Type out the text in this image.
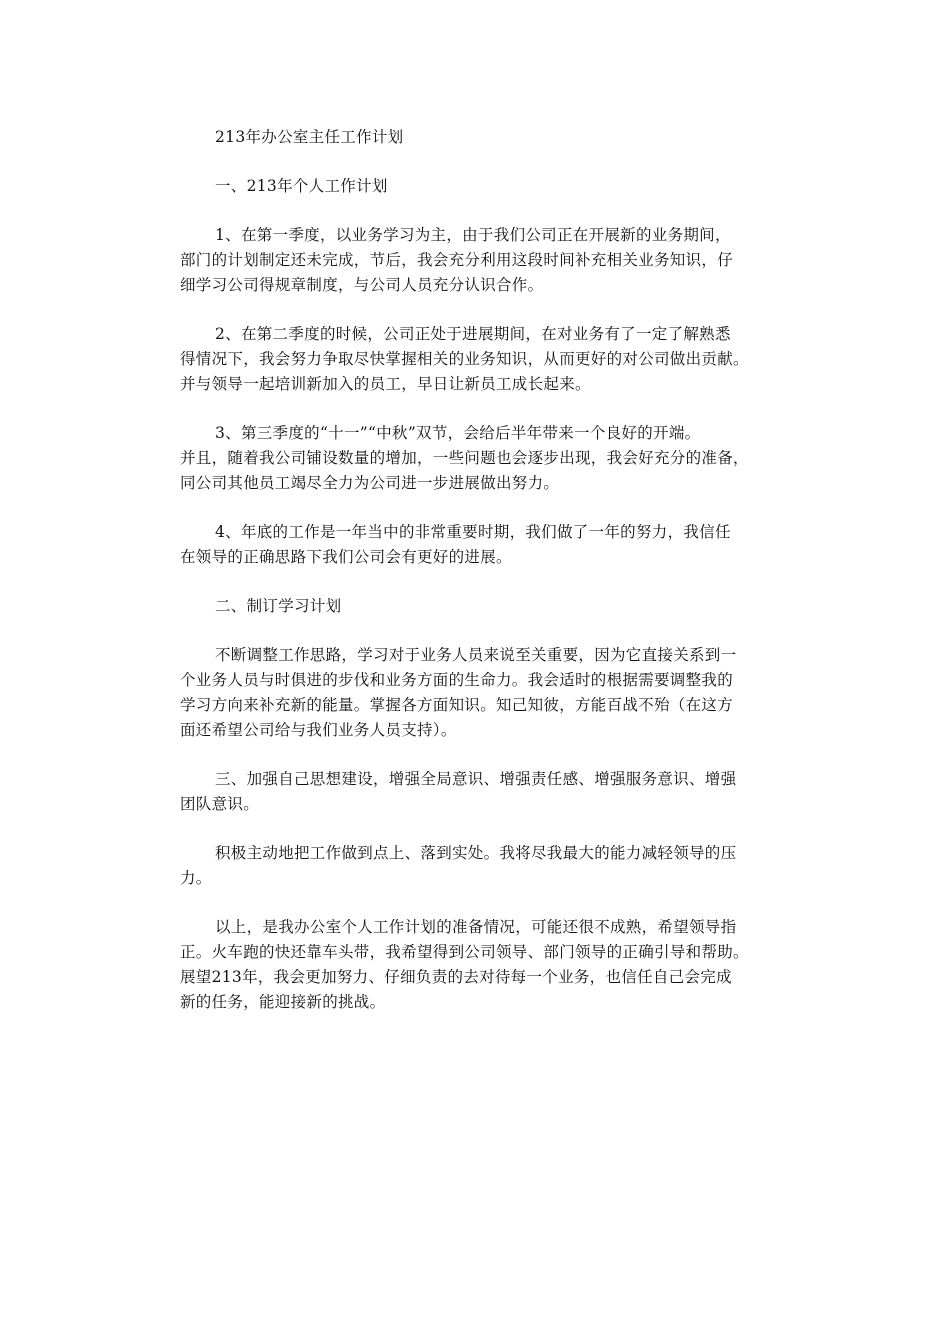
213年办公室主任工作计划

一、213年个人工作计划

1、在第一季度，以业务学习为主，由于我们公司正在开展新的业务期间，
部门的计划制定还未完成，节后，我会充分利用这段时间补充相关业务知识，仔
细学习公司得规章制度，与公司人员充分认识合作。

2、在第二季度的时候，公司正处于进展期间，在对业务有了一定了解熟悉
得情况下，我会努力争取尽快掌握相关的业务知识，从而更好的对公司做出贡献。
并与领导一起培训新加入的员工，早日让新员工成长起来。

3、第三季度的“十一”“中秋”双节，会给后半年带来一个良好的开端。
并且，随着我公司铺设数量的增加，一些问题也会逐步出现，我会好充分的准备，
同公司其他员工竭尽全力为公司进一步进展做出努力。

4、年底的工作是一年当中的非常重要时期，我们做了一年的努力，我信任
在领导的正确思路下我们公司会有更好的进展。

二、制订学习计划

不断调整工作思路，学习对于业务人员来说至关重要，因为它直接关系到一
个业务人员与时俱进的步伐和业务方面的生命力。我会适时的根据需要调整我的
学习方向来补充新的能量。掌握各方面知识。知己知彼，方能百战不殆（在这方
面还希望公司给与我们业务人员支持）。

三、加强自己思想建设，增强全局意识、增强责任感、增强服务意识、增强
团队意识。

积极主动地把工作做到点上、落到实处。我将尽我最大的能力减轻领导的压
力。

以上，是我办公室个人工作计划的准备情况，可能还很不成熟，希望领导指
正。火车跑的快还靠车头带，我希望得到公司领导、部门领导的正确引导和帮助。
展望213年，我会更加努力、仔细负责的去对待每一个业务，也信任自己会完成
新的任务，能迎接新的挑战。
